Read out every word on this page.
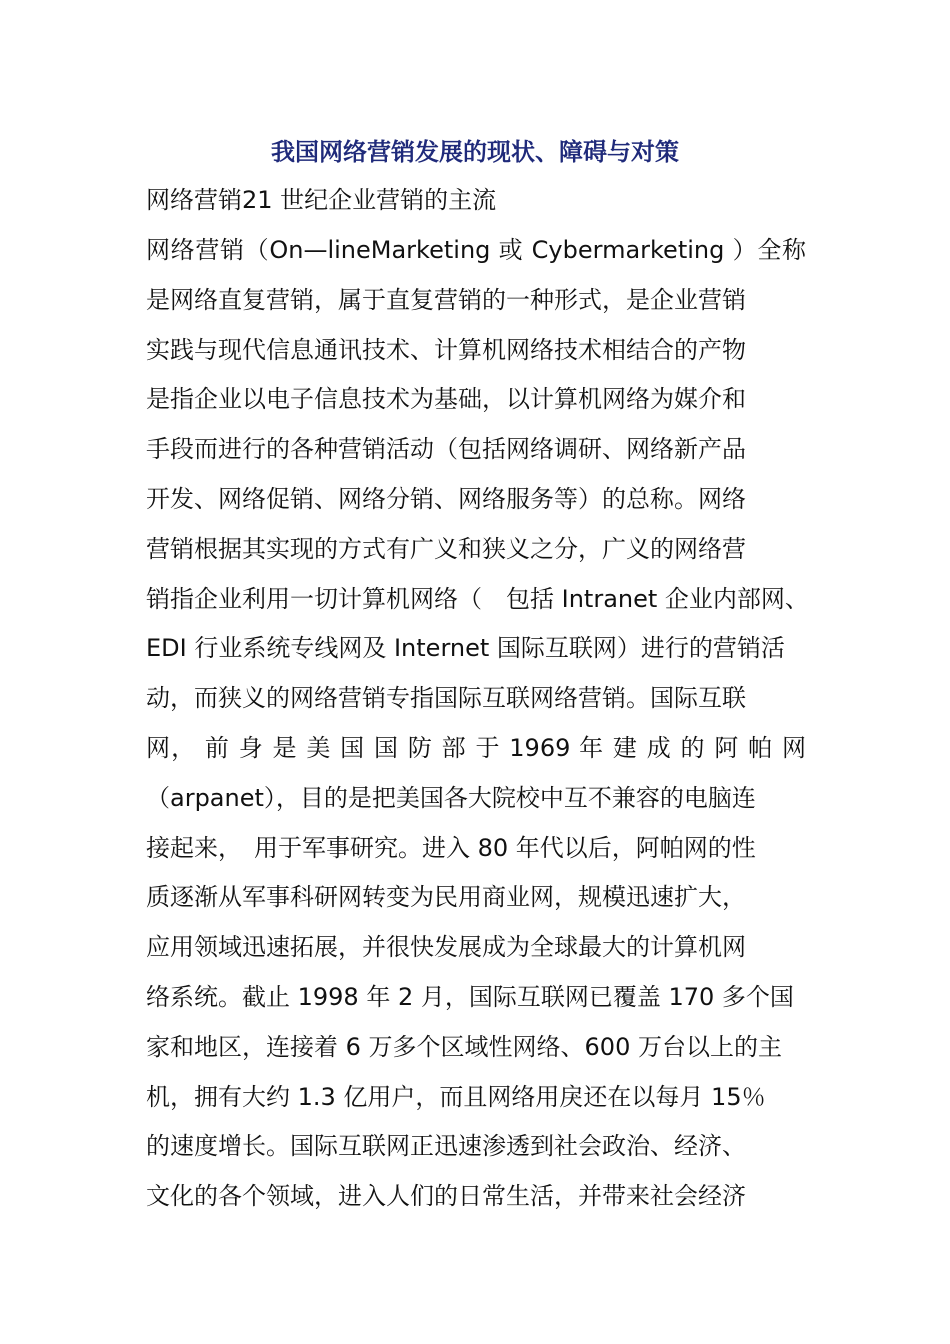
我国网络营销发展的现状、障碍与对策
网络营销21 世纪企业营销的主流
网络营销（On—lineMarketing 或 Cybermarketing ）全称
是网络直复营销，属于直复营销的一种形式，是企业营销
实践与现代信息通讯技术、计算机网络技术相结合的产物
是指企业以电子信息技术为基础，以计算机网络为媒介和
手段而进行的各种营销活动（包括网络调研、网络新产品
开发、网络促销、网络分销、网络服务等）的总称。网络
营销根据其实现的方式有广义和狭义之分，广义的网络营
销指企业利用一切计算机网络（　包括 Intranet 企业内部网、
EDI 行业系统专线网及 Internet 国际互联网）进行的营销活
动，而狭义的网络营销专指国际互联网络营销。国际互联
网， 前 身 是 美 国 国 防 部 于 1969 年 建 成 的 阿 帕 网
（arpanet），目的是把美国各大院校中互不兼容的电脑连
接起来，　用于军事研究。进入 80 年代以后，阿帕网的性
质逐渐从军事科研网转变为民用商业网，规模迅速扩大，
应用领域迅速拓展，并很快发展成为全球最大的计算机网
络系统。截止 1998 年 2 月，国际互联网已覆盖 170 多个国
家和地区，连接着 6 万多个区域性网络、600 万台以上的主
机，拥有大约 1.3 亿用户，而且网络用戾还在以每月 15％
的速度增长。国际互联网正迅速渗透到社会政治、经济、
文化的各个领域，进入人们的日常生活，并带来社会经济
